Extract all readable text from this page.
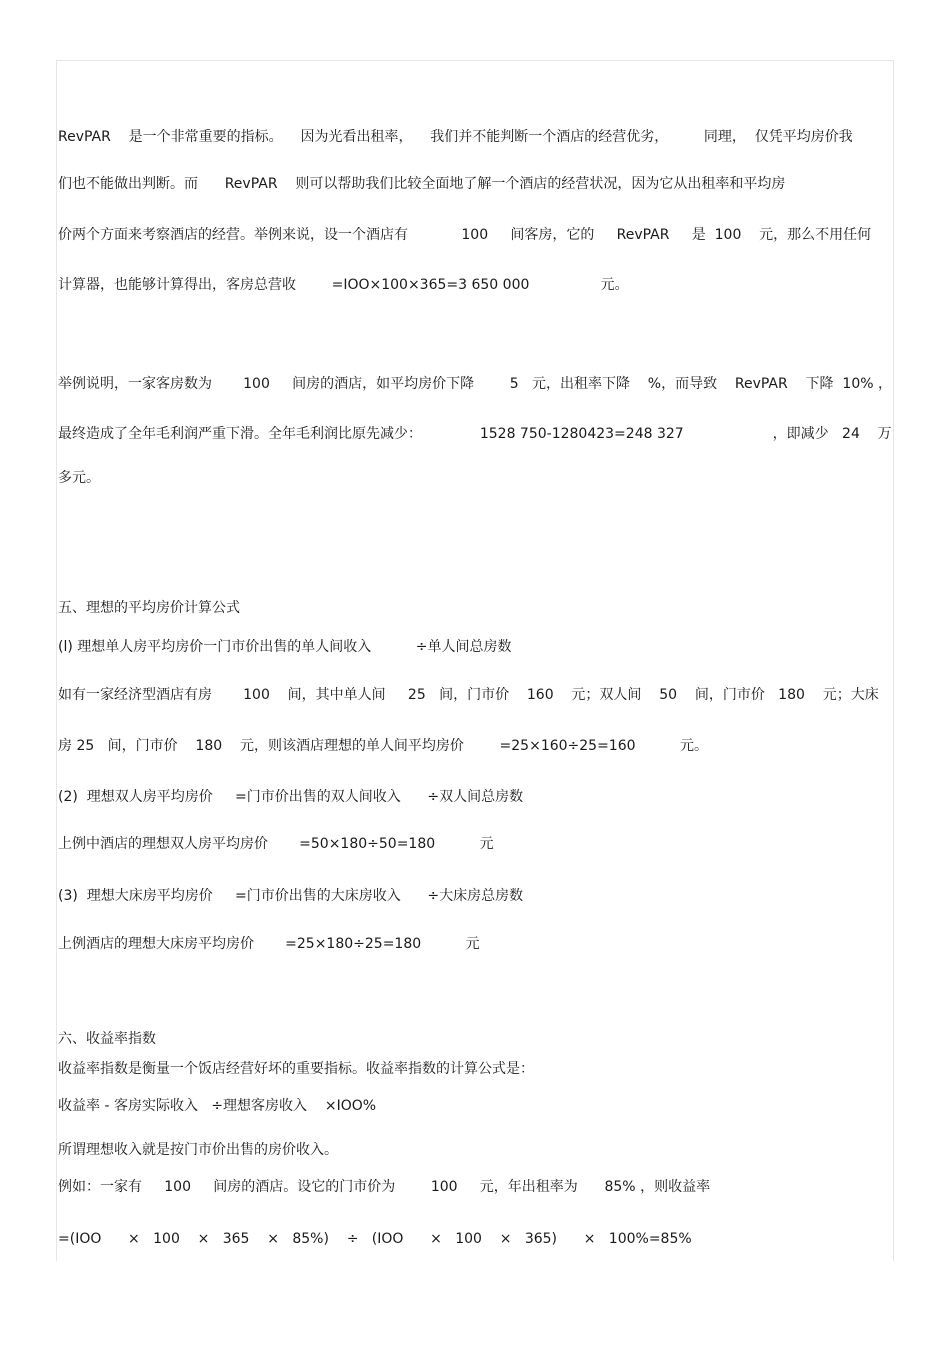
RevPAR    是一个非常重要的指标。    因为光看出租率，    我们并不能判断一个酒店的经营优劣，        同理，  仅凭平均房价我
们也不能做出判断。而      RevPAR    则可以帮助我们比较全面地了解一个酒店的经营状况，因为它从出租率和平均房
价两个方面来考察酒店的经营。举例来说，设一个酒店有            100     间客房，它的     RevPAR     是  100    元，那么不用任何
计算器，也能够计算得出，客房总营收        =IOO×100×365=3 650 000                元。
举例说明，一家客房数为       100     间房的酒店，如平均房价下降        5   元，出租率下降    %，而导致    RevPAR    下降  10% ，
最终造成了全年毛利润严重下滑。全年毛利润比原先减少：             1528 750-1280423=248 327                    ，即减少   24    万
多元。
五、理想的平均房价计算公式
(l) 理想单人房平均房价一门市价出售的单人间收入          ÷单人间总房数
如有一家经济型酒店有房       100    间，其中单人间     25   间，门市价    160    元；双人间    50    间，门市价   180    元；大床
房 25   间，门市价    180    元，则该酒店理想的单人间平均房价        =25×160÷25=160          元。
(2)  理想双人房平均房价     =门市价出售的双人间收入      ÷双人间总房数
上例中酒店的理想双人房平均房价       =50×180÷50=180          元
(3)  理想大床房平均房价     =门市价出售的大床房收入      ÷大床房总房数
上例酒店的理想大床房平均房价       =25×180÷25=180          元
六、收益率指数
收益率指数是衡量一个饭店经营好坏的重要指标。收益率指数的计算公式是：
收益率 - 客房实际收入   ÷理想客房收入    ×IOO%
所谓理想收入就是按门市价出售的房价收入。
例如：一家有     100     间房的酒店。设它的门市价为        100     元，年出租率为      85% ，则收益率
=(IOO      ×   100    ×   365    ×   85%)    ÷   (IOO      ×   100    ×   365)      ×   100%=85%
